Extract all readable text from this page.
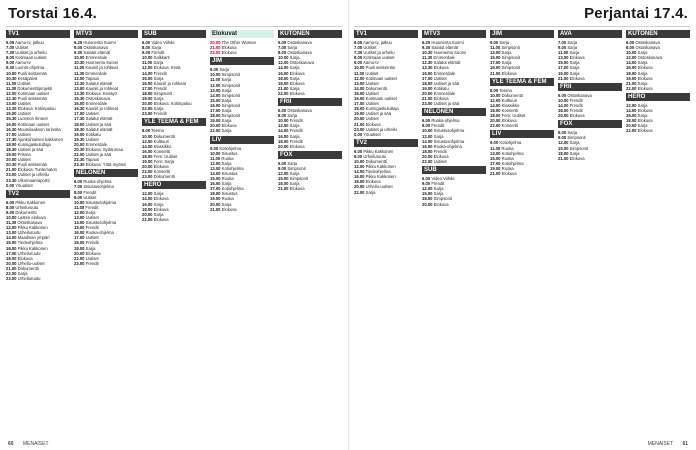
Torstai 16.4.
TV1
6.05 Aamu-tv, jatkuu
7.00 Uutiset
7.30 Uutiset ja urheilu
8.00 Kotimaan uutiset
9.00 Aamu-tv
9.30 Luonto-ohjelma
10.00 Puoli seitsemän
10.30 Kesäpäivä
11.00 Uutiset
11.30 Dokumenttiprojekti
12.00 Kotimaan uutiset
12.30 Puoli seitsemän
13.00 Uutiset
13.30 Elokuva: Kotiinpaluu
15.00 Uutiset
15.30 Luonnon ihmeet
16.00 Kotimaan uutiset
16.30 Muumilaakson tarinoita
17.00 Uutiset
17.30 Ajankohtainen kakkonen
18.00 Kuningaskuluttaja
18.30 Uutiset ja sää
19.00 Prisma
20.00 Uutiset
20.30 Puoli seitsemän
21.00 Elokuva: Tuntematon
23.00 Uutiset ja urheilu
23.30 Ulkomaanraportti
0.00 Yöuutiset
TV2
6.00 Pikku Kakkonen
8.00 Urheiluruutu
9.00 Dokumentti
10.00 Lasten elokuva
11.30 Ostoskanava
12.00 Pikku Kakkonen
13.00 Urheiluruutu
14.00 Maailman ympäri
15.00 Tiedeohjelma
16.00 Pikku Kakkonen
17.00 Urheiluruutu
18.00 Elokuva
20.00 Urheilu-uutiset
21.00 Dokumentti
22.00 Sarja
23.00 Urheiluruutu
MTV3
6.25 Huomenta Suomi
9.00 Ostoskanava
9.30 Salatut elämät
10.00 Emmerdale
10.30 Huomenta Suomi
11.00 Kauniit ja rohkeat
11.30 Emmerdale
12.00 Tapaus
12.30 Salatut elämät
13.00 Kauniit ja rohkeat
13.30 Elokuva: Kesäyö
15.30 Ostoskanava
16.00 Emmerdale
16.30 Kauniit ja rohkeat
17.00 Uutiset
17.30 Salatut elämät
18.00 Uutiset ja sää
18.30 Salatut elämät
19.00 Kotikatu
19.30 Uutiset
20.00 Emmerdale
20.30 Elokuva: Sydänmaa
22.00 Uutiset ja sää
22.30 Tapaus
23.30 Elokuva: Yötä myöten
NELONEN
6.00 Ruoka-ohjelma
7.00 Sisustusohjelma
8.00 Frendit
9.00 Uutiset
10.00 Sisustusohjelma
11.00 Frendit
12.00 Sarja
13.00 Uutiset
14.00 Sisustusohjelma
15.00 Frendit
16.00 Ruoka-ohjelma
17.00 Uutiset
18.00 Frendit
19.00 Sarja
20.00 Elokuva
22.00 Uutiset
23.00 Frendit
SUB
6.00 Video Viihde
8.00 Sarja
9.00 Frendit
10.00 Salkkarit
11.00 Sarja
12.00 Elokuva: Kesä
14.00 Frendit
15.00 Sarja
16.00 Kauniit ja rohkeat
17.00 Frendit
18.00 Simpsonit
19.00 Sarja
20.00 Elokuva: Kotiinpaluu
22.00 Sarja
23.00 Frendit
YLE TEEMA & FEM
8.00 Teema
10.00 Dokumentti
12.00 Kulttuuri
14.00 Klassikko
16.00 Konsertti
18.00 Fem: Uutiset
19.00 Fem: Sarja
20.00 Elokuva
22.00 Konsertti
23.00 Dokumentti
HERO
12.00 Sarja
14.00 Elokuva
16.00 Sarja
18.00 Elokuva
20.00 Sarja
22.00 Elokuva
Elokuvat
20.00 The Other Woman
21.00 Elokuva
22.00 Elokuva
JIM
9.00 Sarja
10.00 Simpsonit
11.00 Sarja
12.00 Simpsonit
13.00 Sarja
14.00 Simpsonit
15.00 Sarja
16.00 Simpsonit
17.00 Sarja
18.00 Simpsonit
19.00 Sarja
20.00 Elokuva
22.00 Sarja
LIV
9.00 Kotiohjelma
10.00 Sisustus
11.00 Ruoka
12.00 Sarja
13.00 Kotiohjelma
14.00 Sisustus
15.00 Ruoka
16.00 Sarja
17.00 Kotiohjelma
18.00 Sisustus
19.00 Ruoka
20.00 Sarja
21.00 Elokuva
KUTONEN
6.00 Ostoskanava
7.00 Sarja
8.00 Ostoskanava
10.00 Sarja
12.00 Ostoskanava
14.00 Sarja
16.00 Elokuva
18.00 Sarja
19.00 Elokuva
21.00 Sarja
22.00 Elokuva
FRII
6.00 Ostoskanava
8.00 Sarja
10.00 Frendit
12.00 Sarja
14.00 Frendit
16.00 Sarja
18.00 Frendit
20.00 Elokuva
FOX
6.00 Sarja
9.00 Simpsonit
12.00 Sarja
15.00 Simpsonit
18.00 Sarja
21.00 Elokuva
60 MENAISET
Perjantai 17.4.
TV1
6.05 Aamu-tv, jatkuu
7.00 Uutiset
7.30 Uutiset ja urheilu
8.00 Kotimaan uutiset
9.00 Aamu-tv
10.00 Puoli seitsemän
11.00 Uutiset
12.00 Kotimaan uutiset
13.00 Uutiset
14.00 Dokumentti
15.00 Uutiset
16.00 Kotimaan uutiset
17.00 Uutiset
18.00 Kuningaskuluttaja
19.00 Uutiset ja sää
20.00 Uutiset
21.00 Elokuva
23.00 Uutiset ja urheilu
0.00 Yöuutiset
TV2
6.00 Pikku Kakkonen
8.00 Urheiluruutu
10.00 Dokumentti
12.00 Pikku Kakkonen
14.00 Tiedeohjelma
16.00 Pikku Kakkonen
18.00 Elokuva
20.00 Urheilu-uutiset
22.00 Sarja
MTV3
6.25 Huomenta Suomi
9.30 Salatut elämät
10.30 Huomenta Suomi
11.30 Emmerdale
12.30 Salatut elämät
13.30 Elokuva
16.00 Emmerdale
17.00 Uutiset
18.00 Uutiset ja sää
19.00 Kotikatu
20.00 Emmerdale
21.00 Elokuva
23.00 Uutiset ja sää
NELONEN
6.00 Ruoka-ohjelma
8.00 Frendit
10.00 Sisustusohjelma
12.00 Sarja
14.00 Sisustusohjelma
16.00 Ruoka-ohjelma
18.00 Frendit
20.00 Elokuva
22.00 Uutiset
SUB
6.00 Video Viihde
9.00 Frendit
12.00 Sarja
15.00 Sarja
18.00 Simpsonit
20.00 Elokuva
JIM
9.00 Sarja
11.00 Simpsonit
13.00 Sarja
15.00 Simpsonit
17.00 Sarja
19.00 Simpsonit
21.00 Elokuva
YLE TEEMA & FEM
8.00 Teema
10.00 Dokumentti
12.00 Kulttuuri
14.00 Klassikko
16.00 Konsertti
18.00 Fem: Uutiset
20.00 Elokuva
22.00 Konsertti
LIV
9.00 Kotiohjelma
11.00 Ruoka
13.00 Kotiohjelma
15.00 Ruoka
17.00 Kotiohjelma
19.00 Ruoka
21.00 Elokuva
AVA
7.00 Sarja
9.00 Sarja
11.00 Sarja
13.00 Elokuva
15.00 Sarja
17.00 Sarja
19.00 Sarja
21.00 Elokuva
FRII
6.00 Ostoskanava
10.00 Frendit
14.00 Frendit
18.00 Frendit
20.00 Elokuva
FOX
6.00 Sarja
9.00 Simpsonit
12.00 Sarja
15.00 Simpsonit
18.00 Sarja
21.00 Elokuva
KUTONEN
6.00 Ostoskanava
8.00 Ostoskanava
10.00 Sarja
12.00 Ostoskanava
14.00 Sarja
16.00 Elokuva
18.00 Sarja
19.00 Elokuva
21.00 Sarja
22.00 Elokuva
HERO
12.00 Sarja
14.00 Elokuva
16.00 Sarja
18.00 Elokuva
20.00 Sarja
22.00 Elokuva
MENAISET 61
